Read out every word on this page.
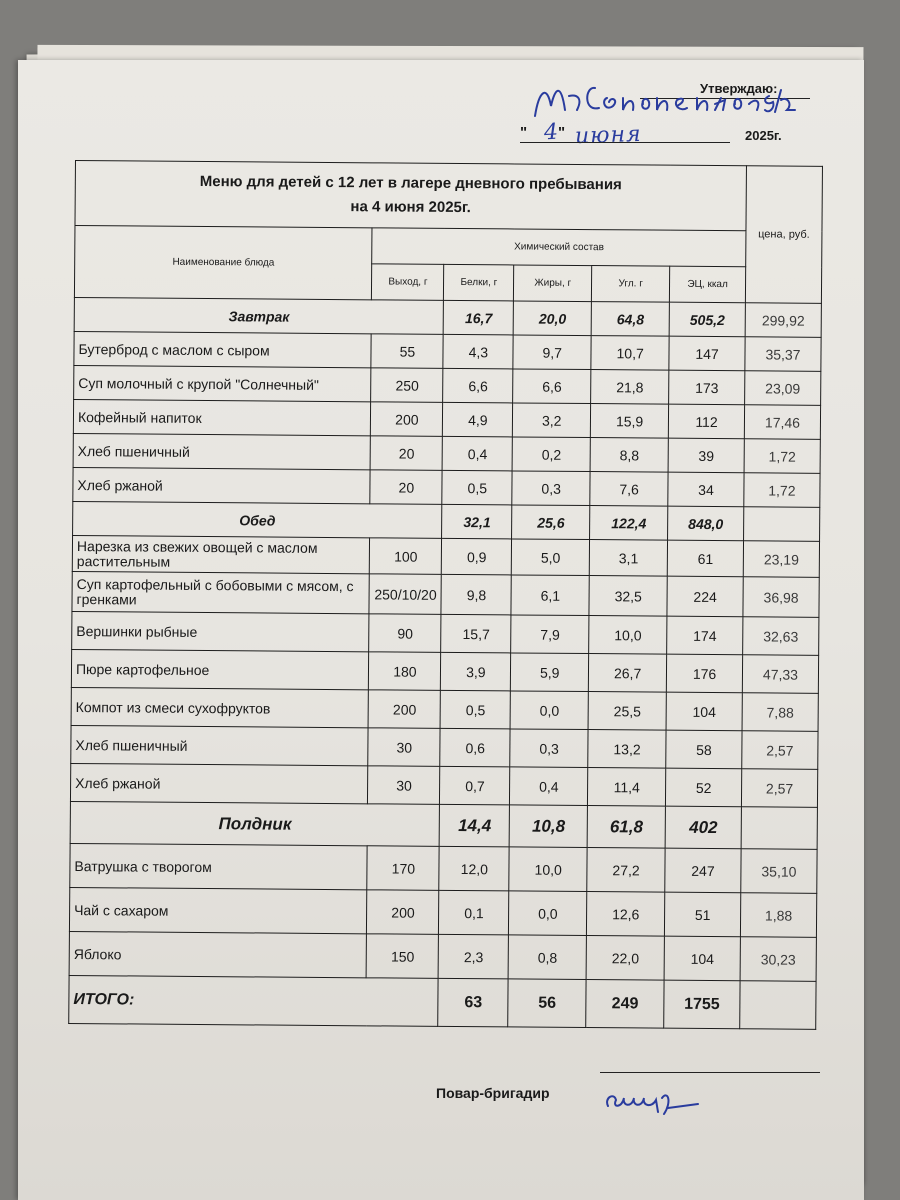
Утверждаю:
" 4 " июня	2025г.
Меню для детей с 12 лет в лагере дневного пребывания
на 4 июня 2025г.						цена, руб.
Наименование блюда	Химический состав					
	Выход, г	Белки, г	Жиры, г	Угл. г	ЭЦ, ккал	
Завтрак		16,7	20,0	64,8	505,2	299,92
Бутерброд с маслом с сыром	55	4,3	9,7	10,7	147	35,37
Суп молочный с крупой "Солнечный"	250	6,6	6,6	21,8	173	23,09
Кофейный напиток	200	4,9	3,2	15,9	112	17,46
Хлеб пшеничный	20	0,4	0,2	8,8	39	1,72
Хлеб ржаной	20	0,5	0,3	7,6	34	1,72
Обед		32,1	25,6	122,4	848,0	
Нарезка из свежих овощей с маслом растительным	100	0,9	5,0	3,1	61	23,19
Суп картофельный с бобовыми с мясом, с гренками	250/10/20	9,8	6,1	32,5	224	36,98
Вершинки рыбные	90	15,7	7,9	10,0	174	32,63
Пюре картофельное	180	3,9	5,9	26,7	176	47,33
Компот из смеси сухофруктов	200	0,5	0,0	25,5	104	7,88
Хлеб пшеничный	30	0,6	0,3	13,2	58	2,57
Хлеб ржаной	30	0,7	0,4	11,4	52	2,57
Полдник		14,4	10,8	61,8	402	
Ватрушка с творогом	170	12,0	10,0	27,2	247	35,10
Чай с сахаром	200	0,1	0,0	12,6	51	1,88
Яблоко	150	2,3	0,8	22,0	104	30,23
ИТОГО:		63	56	249	1755	
Повар-бригадир
